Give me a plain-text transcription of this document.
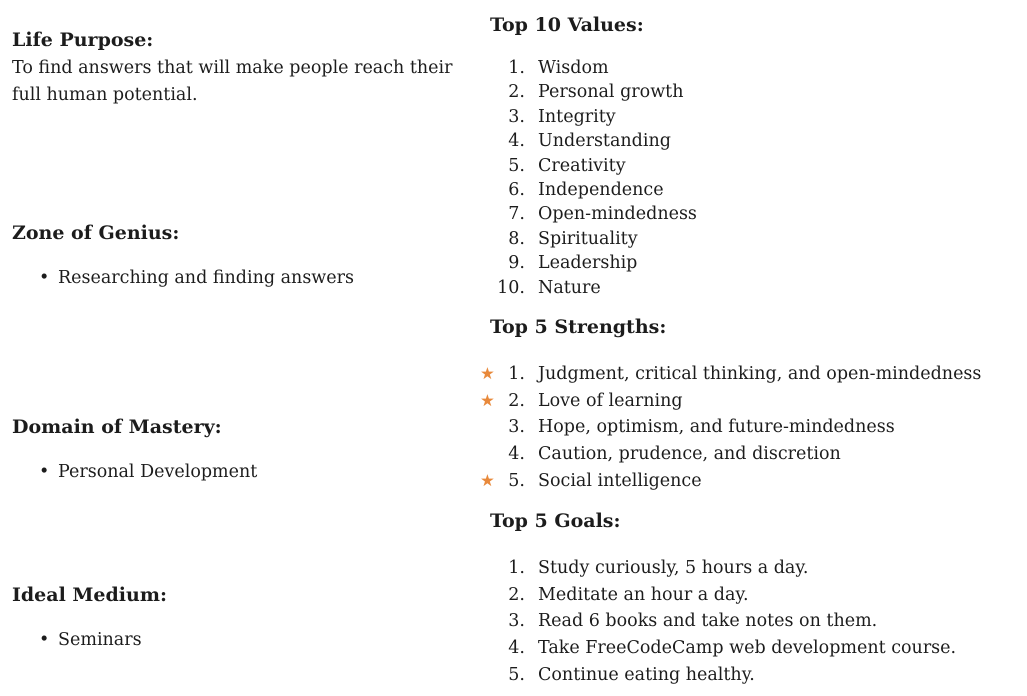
Life Purpose:

To find answers that will make people reach their full human potential.

Zone of Genius:
• Researching and finding answers
Domain of Mastery:
• Personal Development
Ideal Medium:
• Seminars
Top 10 Values:
1. Wisdom
2. Personal growth
3. Integrity
4. Understanding
5. Creativity
6. Independence
7. Open-mindedness
8. Spirituality
9. Leadership
10. Nature
Top 5 Strengths:
★ 1. Judgment, critical thinking, and open-mindedness
★ 2. Love of learning
3. Hope, optimism, and future-mindedness
4. Caution, prudence, and discretion
★ 5. Social intelligence
Top 5 Goals:
1. Study curiously, 5 hours a day.
2. Meditate an hour a day.
3. Read 6 books and take notes on them.
4. Take FreeCodeCamp web development course.
5. Continue eating healthy.
